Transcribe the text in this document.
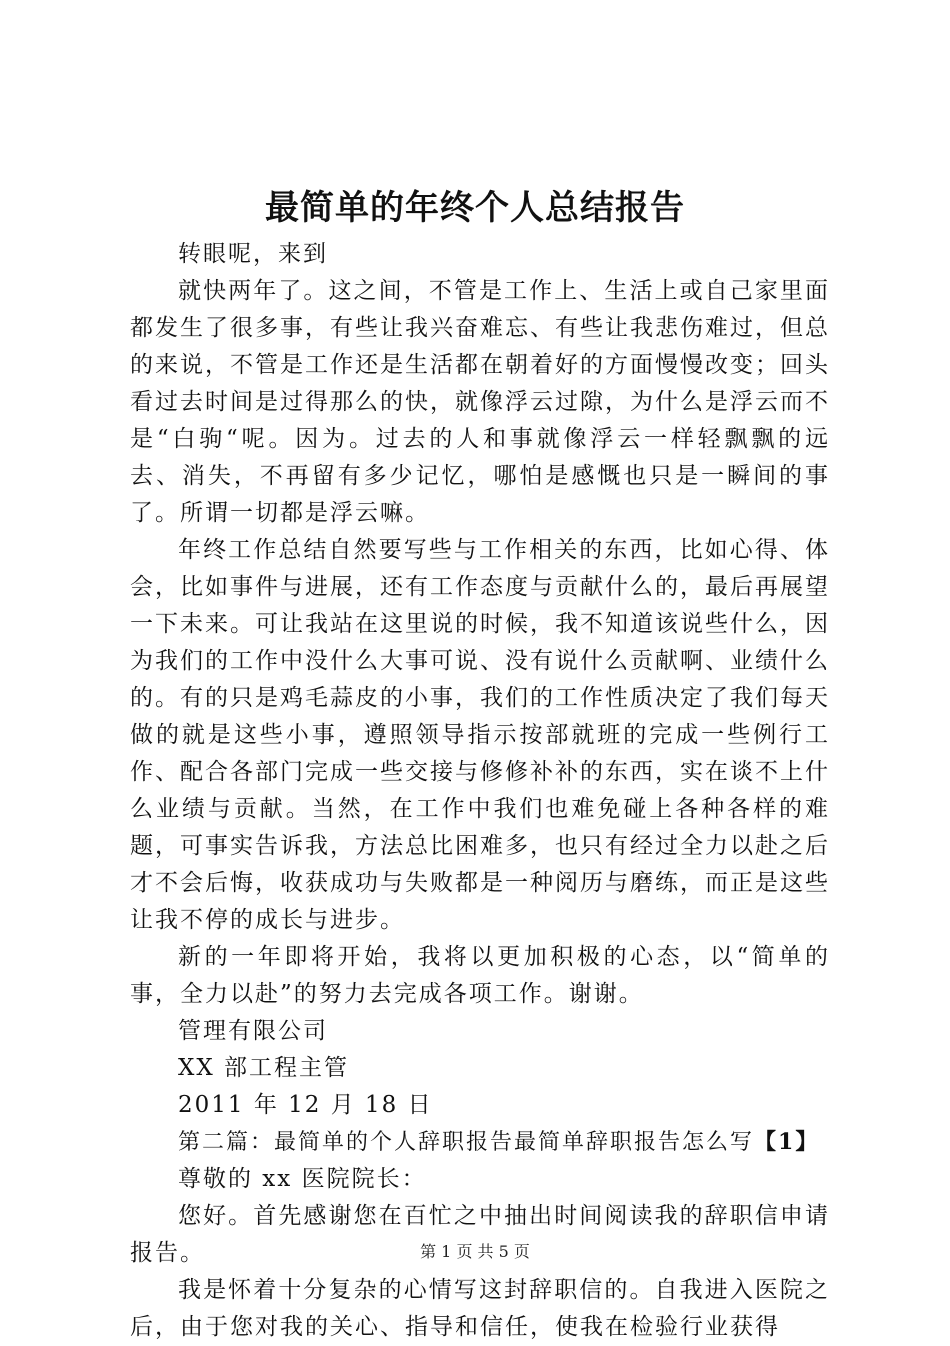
最简单的年终个人总结报告

转眼呢，来到

就快两年了。这之间，不管是工作上、生活上或自己家里面都发生了很多事，有些让我兴奋难忘、有些让我悲伤难过，但总的来说，不管是工作还是生活都在朝着好的方面慢慢改变；回头看过去时间是过得那么的快，就像浮云过隙，为什么是浮云而不是“白驹“呢。因为。过去的人和事就像浮云一样轻飘飘的远去、消失，不再留有多少记忆，哪怕是感慨也只是一瞬间的事了。所谓一切都是浮云嘛。

年终工作总结自然要写些与工作相关的东西，比如心得、体会，比如事件与进展，还有工作态度与贡献什么的，最后再展望一下未来。可让我站在这里说的时候，我不知道该说些什么，因为我们的工作中没什么大事可说、没有说什么贡献啊、业绩什么的。有的只是鸡毛蒜皮的小事，我们的工作性质决定了我们每天做的就是这些小事，遵照领导指示按部就班的完成一些例行工作、配合各部门完成一些交接与修修补补的东西，实在谈不上什么业绩与贡献。当然，在工作中我们也难免碰上各种各样的难题，可事实告诉我，方法总比困难多，也只有经过全力以赴之后才不会后悔，收获成功与失败都是一种阅历与磨练，而正是这些让我不停的成长与进步。

新的一年即将开始，我将以更加积极的心态，以“简单的事，全力以赴”的努力去完成各项工作。谢谢。

管理有限公司

XX 部工程主管

2011 年 12 月 18 日

第二篇：最简单的个人辞职报告最简单辞职报告怎么写【1】

尊敬的 xx 医院院长：

您好。首先感谢您在百忙之中抽出时间阅读我的辞职信申请报告。

我是怀着十分复杂的心情写这封辞职信的。自我进入医院之后，由于您对我的关心、指导和信任，使我在检验行业获得

第 1 页 共 5 页
